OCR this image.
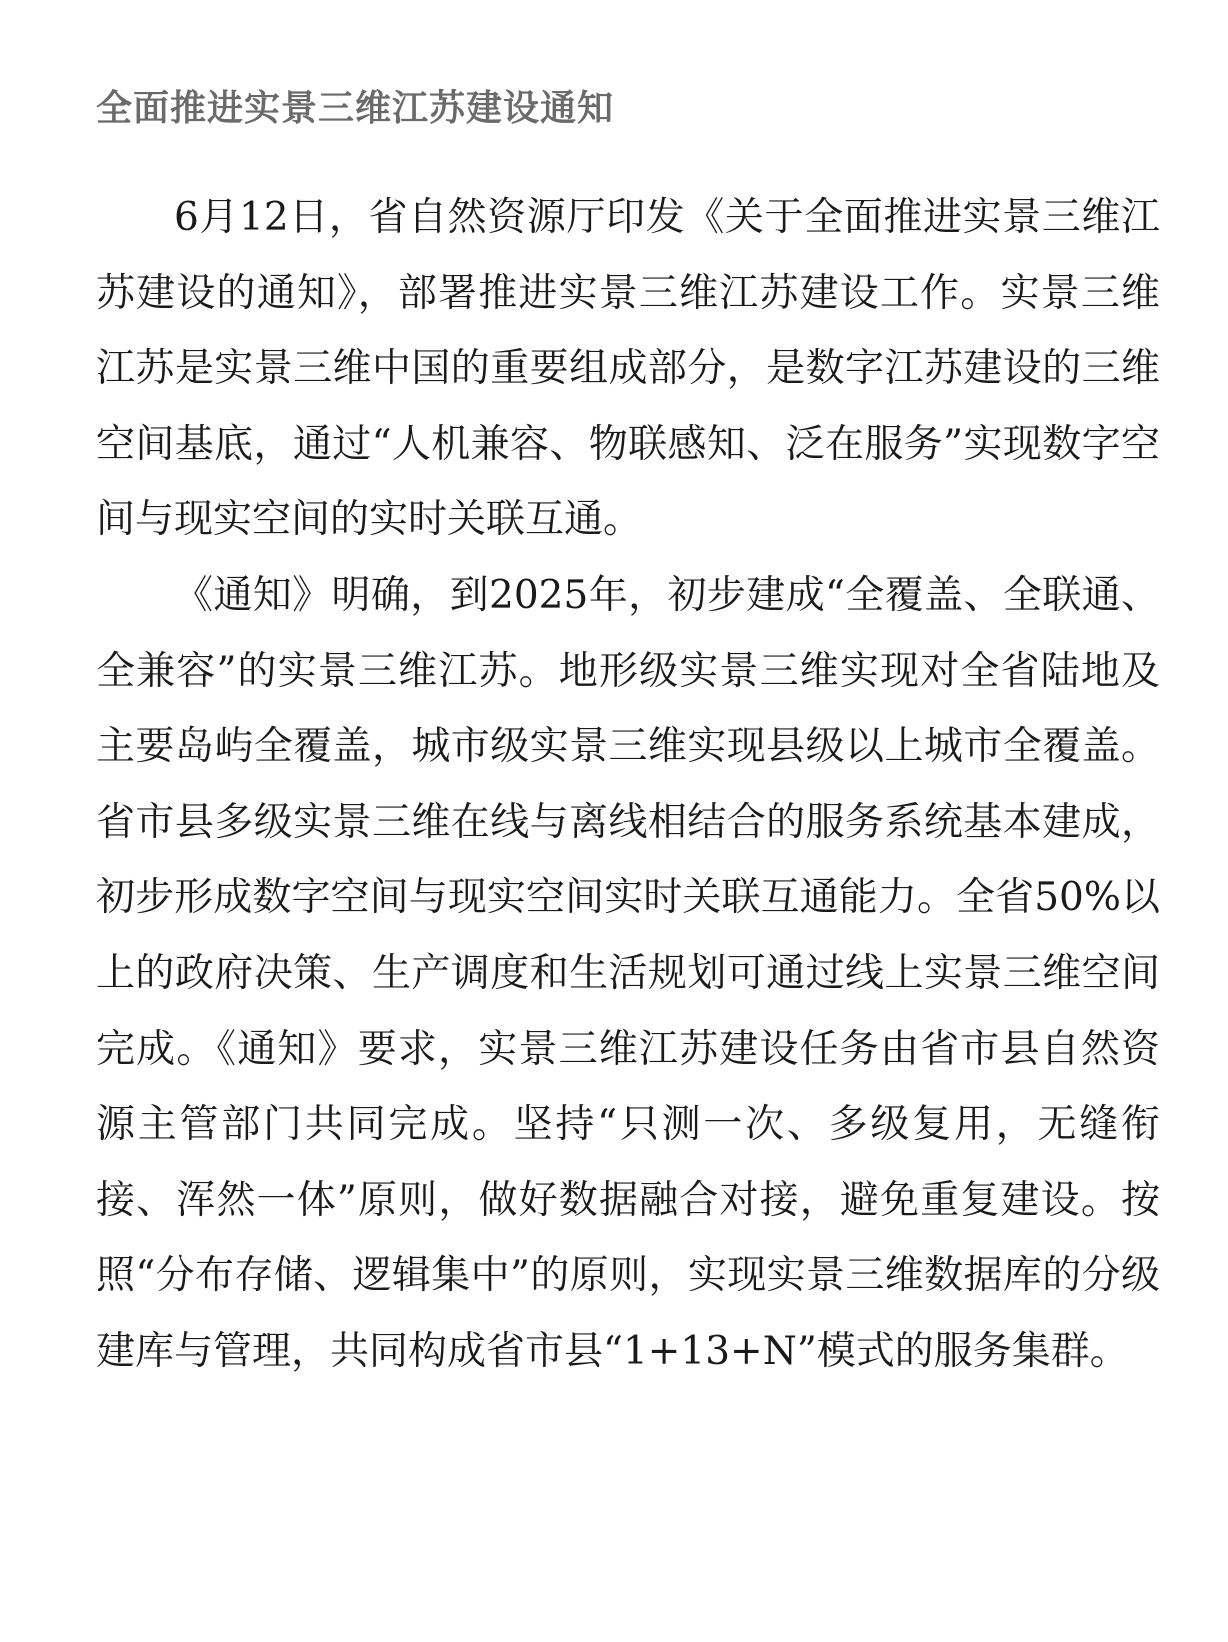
全面推进实景三维江苏建设通知

6月12日，省自然资源厅印发《关于全面推进实景三维江苏建设的通知》，部署推进实景三维江苏建设工作。实景三维江苏是实景三维中国的重要组成部分，是数字江苏建设的三维空间基底，通过“人机兼容、物联感知、泛在服务”实现数字空间与现实空间的实时关联互通。

《通知》明确，到2025年，初步建成“全覆盖、全联通、全兼容”的实景三维江苏。地形级实景三维实现对全省陆地及主要岛屿全覆盖，城市级实景三维实现县级以上城市全覆盖。省市县多级实景三维在线与离线相结合的服务系统基本建成，初步形成数字空间与现实空间实时关联互通能力。全省50%以上的政府决策、生产调度和生活规划可通过线上实景三维空间完成。《通知》要求，实景三维江苏建设任务由省市县自然资源主管部门共同完成。坚持“只测一次、多级复用，无缝衔接、浑然一体”原则，做好数据融合对接，避免重复建设。按照“分布存储、逻辑集中”的原则，实现实景三维数据库的分级建库与管理，共同构成省市县“1+13+N”模式的服务集群。
